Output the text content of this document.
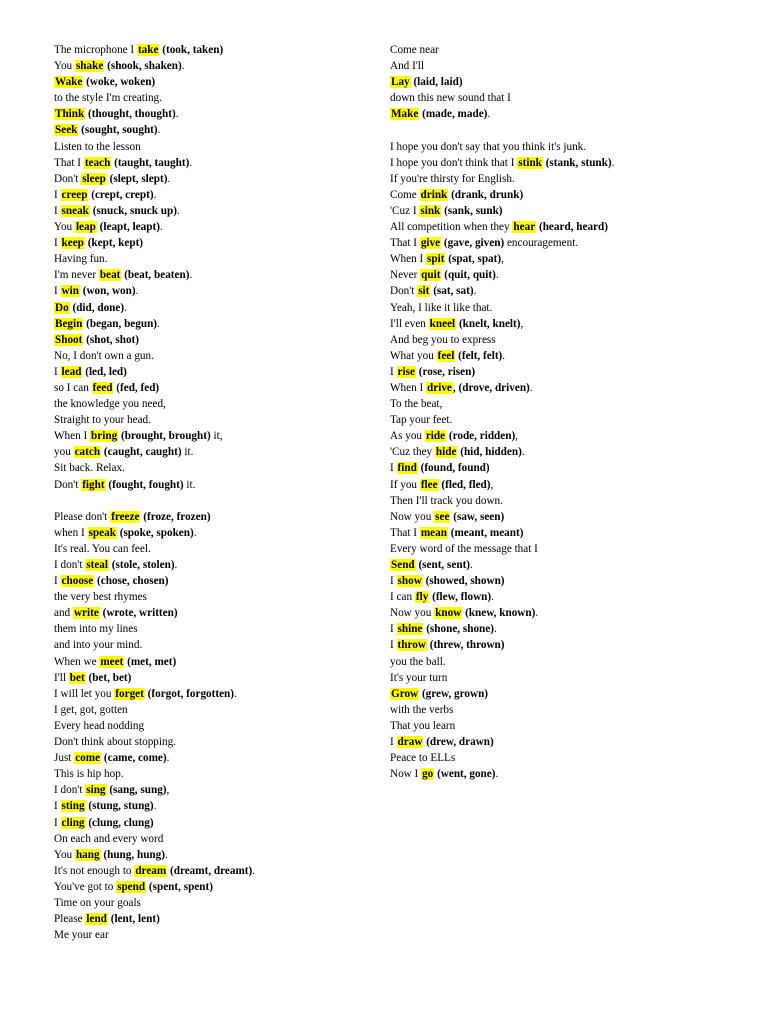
The microphone I take (took, taken)
You shake (shook, shaken).
Wake (woke, woken)
to the style I'm creating.
Think (thought, thought).
Seek (sought, sought).
Listen to the lesson
That I teach (taught, taught).
Don't sleep (slept, slept).
I creep (crept, crept).
I sneak (snuck, snuck up).
You leap (leapt, leapt).
I keep (kept, kept)
Having fun.
I'm never beat (beat, beaten).
I win (won, won).
Do (did, done).
Begin (began, begun).
Shoot (shot, shot)
No, I don't own a gun.
I lead (led, led)
so I can feed (fed, fed)
the knowledge you need,
Straight to your head.
When I bring (brought, brought) it,
you catch (caught, caught) it.
Sit back. Relax.
Don't fight (fought, fought) it.
Please don't freeze (froze, frozen)
when I speak (spoke, spoken).
It's real. You can feel.
I don't steal (stole, stolen).
I choose (chose, chosen)
the very best rhymes
and write (wrote, written)
them into my lines
and into your mind.
When we meet (met, met)
I'll bet (bet, bet)
I will let you forget (forgot, forgotten).
I get, got, gotten
Every head nodding
Don't think about stopping.
Just come (came, come).
This is hip hop.
I don't sing (sang, sung),
I sting (stung, stung).
I cling (clung, clung)
On each and every word
You hang (hung, hung).
It's not enough to dream (dreamt, dreamt).
You've got to spend (spent, spent)
Time on your goals
Please lend (lent, lent)
Me your ear
Come near
And I'll
Lay (laid, laid)
down this new sound that I
Make (made, made).
I hope you don't say that you think it's junk.
I hope you don't think that I stink (stank, stunk).
If you're thirsty for English.
Come drink (drank, drunk)
'Cuz I sink (sank, sunk)
All competition when they hear (heard, heard)
That I give (gave, given) encouragement.
When I spit (spat, spat),
Never quit (quit, quit).
Don't sit (sat, sat).
Yeah, I like it like that.
I'll even kneel (knelt, knelt),
And beg you to express
What you feel (felt, felt).
I rise (rose, risen)
When I drive, (drove, driven).
To the beat,
Tap your feet.
As you ride (rode, ridden),
'Cuz they hide (hid, hidden).
I find (found, found)
If you flee (fled, fled),
Then I'll track you down.
Now you see (saw, seen)
That I mean (meant, meant)
Every word of the message that I
Send (sent, sent).
I show (showed, shown)
I can fly (flew, flown).
Now you know (knew, known).
I shine (shone, shone).
I throw (threw, thrown)
you the ball.
It's your turn
Grow (grew, grown)
with the verbs
That you learn
I draw (drew, drawn)
Peace to ELLs
Now I go (went, gone).
